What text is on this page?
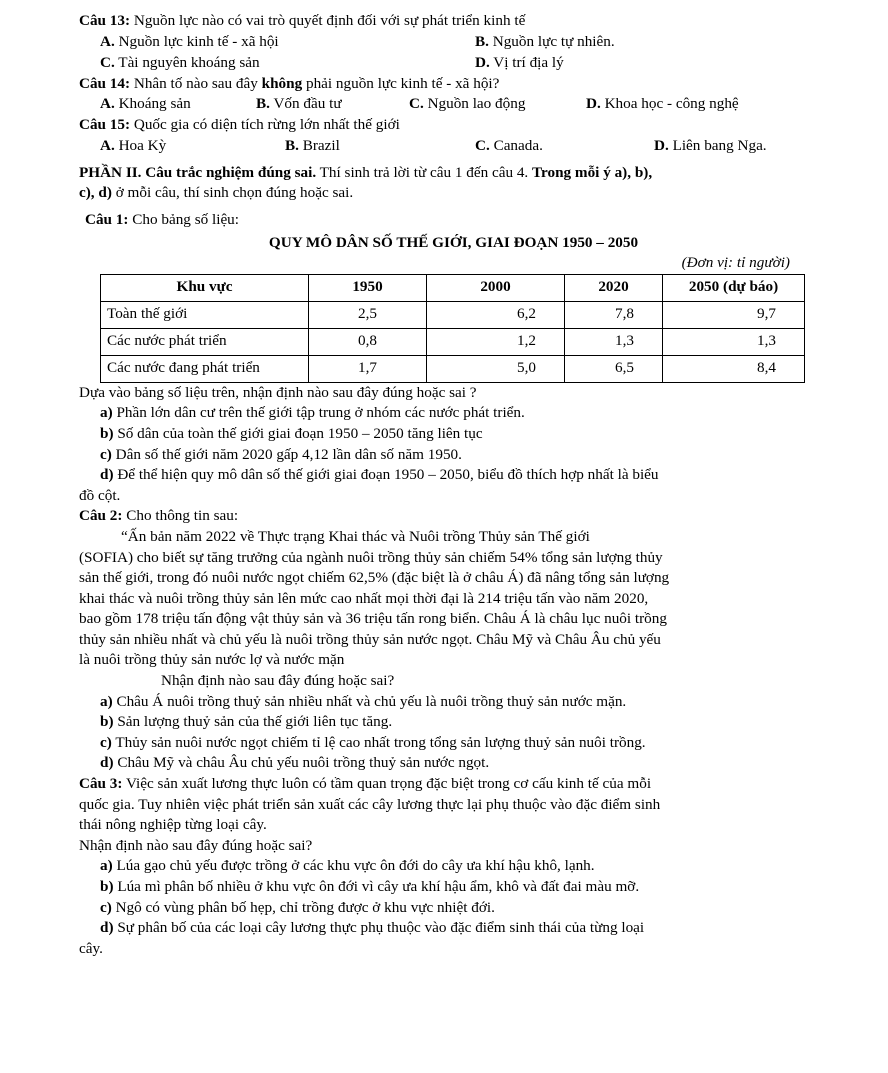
Câu 13: Nguồn lực nào có vai trò quyết định đối với sự phát triển kinh tế
A. Nguồn lực kinh tế - xã hội	B. Nguồn lực tự nhiên.
C. Tài nguyên khoáng sản	D. Vị trí địa lý
Câu 14: Nhân tố nào sau đây không phải nguồn lực kinh tế - xã hội?
A. Khoáng sản	B. Vốn đầu tư	C. Nguồn lao động	D. Khoa học - công nghệ
Câu 15: Quốc gia có diện tích rừng lớn nhất thế giới
A. Hoa Kỳ	B. Brazil	C. Canada.	D. Liên bang Nga.
PHẦN II. Câu trắc nghiệm đúng sai. Thí sinh trả lời từ câu 1 đến câu 4. Trong mỗi ý a), b),
c), d) ở mỗi câu, thí sinh chọn đúng hoặc sai.
Câu 1: Cho bảng số liệu:
QUY MÔ DÂN SỐ THẾ GIỚI, GIAI ĐOẠN 1950 – 2050
(Đơn vị: tỉ người)
Khu vực	1950	2000	2020	2050 (dự báo)
Toàn thế giới	2,5	6,2	7,8	9,7
Các nước phát triển	0,8	1,2	1,3	1,3
Các nước đang phát triển	1,7	5,0	6,5	8,4
Dựa vào bảng số liệu trên, nhận định nào sau đây đúng hoặc sai ?
a) Phần lớn dân cư trên thế giới tập trung ở nhóm các nước phát triển.
b) Số dân của toàn thế giới giai đoạn 1950 – 2050 tăng liên tục
c) Dân số thế giới năm 2020 gấp 4,12 lần dân số năm 1950.
d) Để thể hiện quy mô dân số thế giới giai đoạn 1950 – 2050, biểu đồ thích hợp nhất là biểu
đồ cột.
Câu 2: Cho thông tin sau:
“Ấn bản năm 2022 về Thực trạng Khai thác và Nuôi trồng Thủy sản Thế giới
(SOFIA) cho biết sự tăng trưởng của ngành nuôi trồng thủy sản chiếm 54% tổng sản lượng thủy
sản thế giới, trong đó nuôi nước ngọt chiếm 62,5% (đặc biệt là ở châu Á) đã nâng tổng sản lượng
khai thác và nuôi trồng thủy sản lên mức cao nhất mọi thời đại là 214 triệu tấn vào năm 2020,
bao gồm 178 triệu tấn động vật thủy sản và 36 triệu tấn rong biển. Châu Á là châu lục nuôi trồng
thủy sản nhiều nhất và chủ yếu là nuôi trồng thủy sản nước ngọt. Châu Mỹ và Châu Âu chủ yếu
là nuôi trồng thủy sản nước lợ và nước mặn
Nhận định nào sau đây đúng hoặc sai?
a) Châu Á nuôi trồng thuỷ sản nhiều nhất và chủ yếu là nuôi trồng thuỷ sản nước mặn.
b) Sản lượng thuỷ sản của thế giới liên tục tăng.
c) Thủy sản nuôi nước ngọt chiếm tỉ lệ cao nhất trong tổng sản lượng thuỷ sản nuôi trồng.
d) Châu Mỹ và châu Âu chủ yếu nuôi trồng thuỷ sản nước ngọt.
Câu 3: Việc sản xuất lương thực luôn có tầm quan trọng đặc biệt trong cơ cấu kinh tế của mỗi
quốc gia. Tuy nhiên việc phát triển sản xuất các cây lương thực lại phụ thuộc vào đặc điểm sinh
thái nông nghiệp từng loại cây.
Nhận định nào sau đây đúng hoặc sai?
a) Lúa gạo chủ yếu được trồng ở các khu vực ôn đới do cây ưa khí hậu khô, lạnh.
b) Lúa mì phân bố nhiều ở khu vực ôn đới vì cây ưa khí hậu ẩm, khô và đất đai màu mỡ.
c) Ngô có vùng phân bố hẹp, chỉ trồng được ở khu vực nhiệt đới.
d) Sự phân bố của các loại cây lương thực phụ thuộc vào đặc điểm sinh thái của từng loại
cây.
